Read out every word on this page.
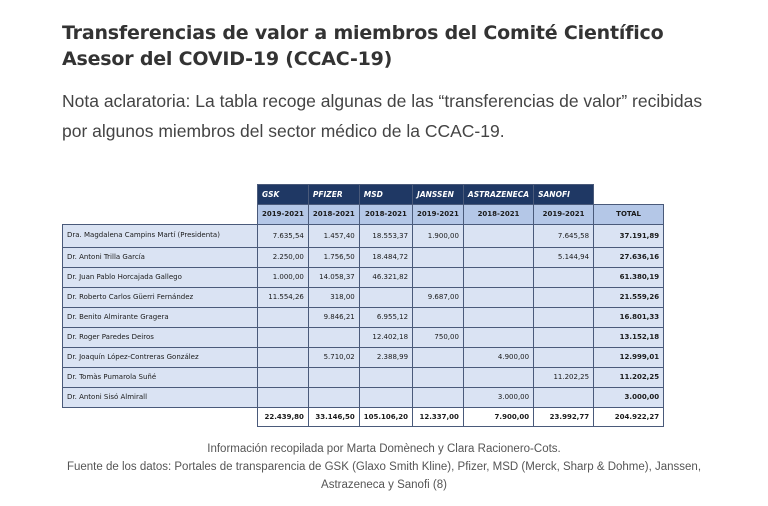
Transferencias de valor a miembros del Comité Científico Asesor del COVID-19 (CCAC-19)
Nota aclaratoria: La tabla recoge algunas de las “transferencias de valor” recibidas por algunos miembros del sector médico de la CCAC-19.
	GSK	PFIZER	MSD	JANSSEN	ASTRAZENECA	SANOFI	
	2019-2021	2018-2021	2018-2021	2019-2021	2018-2021	2019-2021	TOTAL
Dra. Magdalena Campins Martí (Presidenta)	7.635,54	1.457,40	18.553,37	1.900,00		7.645,58	37.191,89
Dr. Antoni Trilla García	2.250,00	1.756,50	18.484,72			5.144,94	27.636,16
Dr. Juan Pablo Horcajada Gallego	1.000,00	14.058,37	46.321,82				61.380,19
Dr. Roberto Carlos Güerri Fernández	11.554,26	318,00		9.687,00			21.559,26
Dr. Benito Almirante Gragera		9.846,21	6.955,12				16.801,33
Dr. Roger Paredes Deiros			12.402,18	750,00			13.152,18
Dr. Joaquín López-Contreras González		5.710,02	2.388,99		4.900,00		12.999,01
Dr. Tomàs Pumarola Suñé						11.202,25	11.202,25
Dr. Antoni Sisó Almirall					3.000,00		3.000,00
	22.439,80	33.146,50	105.106,20	12.337,00	7.900,00	23.992,77	204.922,27
Información recopilada por Marta Domènech y Clara Racionero-Cots.
Fuente de los datos: Portales de transparencia de GSK (Glaxo Smith Kline), Pfizer, MSD (Merck, Sharp & Dohme), Janssen, Astrazeneca y Sanofi (8)
